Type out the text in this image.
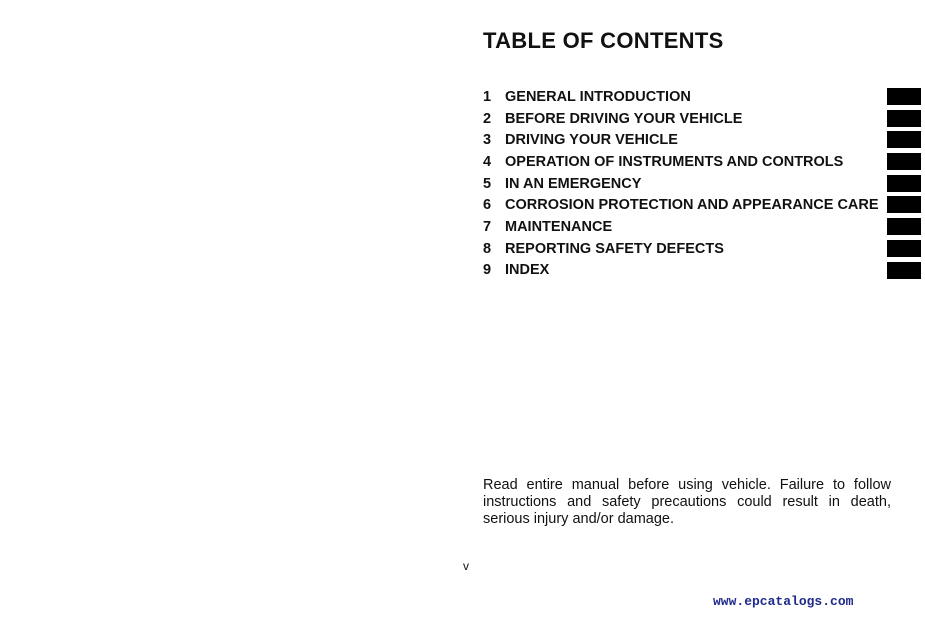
TABLE OF CONTENTS
1 GENERAL INTRODUCTION
2 BEFORE DRIVING YOUR VEHICLE
3 DRIVING YOUR VEHICLE
4 OPERATION OF INSTRUMENTS AND CONTROLS
5 IN AN EMERGENCY
6 CORROSION PROTECTION AND APPEARANCE CARE
7 MAINTENANCE
8 REPORTING SAFETY DEFECTS
9 INDEX

Read entire manual before using vehicle. Failure to follow instructions and safety precautions could result in death, serious injury and/or damage.

v

www.epcatalogs.com
